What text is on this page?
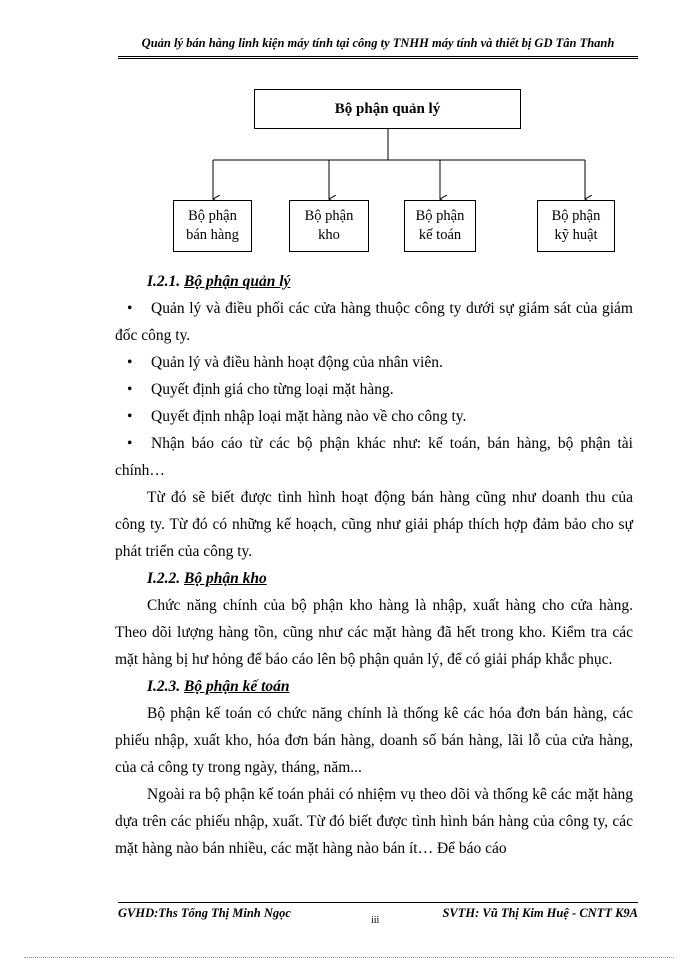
Quản lý bán hàng linh kiện máy tính tại công ty TNHH máy tính và thiết bị GD Tân Thanh
Bộ phận quản lý
Bộ phận
bán hàng
Bộ phận
kho
Bộ phận
kế toán
Bộ phận
kỹ huật

I.2.1. Bộ phận quản lý

• Quản lý và điều phối các cửa hàng thuộc công ty dưới sự giám sát của giám đốc công ty.

• Quản lý và điều hành hoạt động của nhân viên.

• Quyết định giá cho từng loại mặt hàng.

• Quyết định nhập loại mặt hàng nào về cho công ty.

• Nhận báo cáo từ các bộ phận khác như: kế toán, bán hàng, bộ phận tài chính…

Từ đó sẽ biết được tình hình hoạt động bán hàng cũng như doanh thu của công ty. Từ đó có những kế hoạch, cũng như giải pháp thích hợp đảm bảo cho sự phát triển của công ty.

I.2.2. Bộ phận kho

Chức năng chính của bộ phận kho hàng là nhập, xuất hàng cho cửa hàng. Theo dõi lượng hàng tồn, cũng như các mặt hàng đã hết trong kho. Kiểm tra các mặt hàng bị hư hỏng để báo cáo lên bộ phận quản lý, để có giải pháp khắc phục.

I.2.3. Bộ phận kế toán

Bộ phận kế toán có chức năng chính là thống kê các hóa đơn bán hàng, các phiếu nhập, xuất kho, hóa đơn bán hàng, doanh số bán hàng, lãi lỗ của cửa hàng, của cả công ty trong ngày, tháng, năm...

Ngoài ra bộ phận kế toán phải có nhiệm vụ theo dõi và thống kê các mặt hàng dựa trên các phiếu nhập, xuất. Từ đó biết được tình hình bán hàng của công ty, các mặt hàng nào bán nhiều, các mặt hàng nào bán ít… Để báo cáo

GVHD:Ths Tống Thị Minh Ngọc
iii
SVTH: Vũ Thị Kim Huệ - CNTT K9A
